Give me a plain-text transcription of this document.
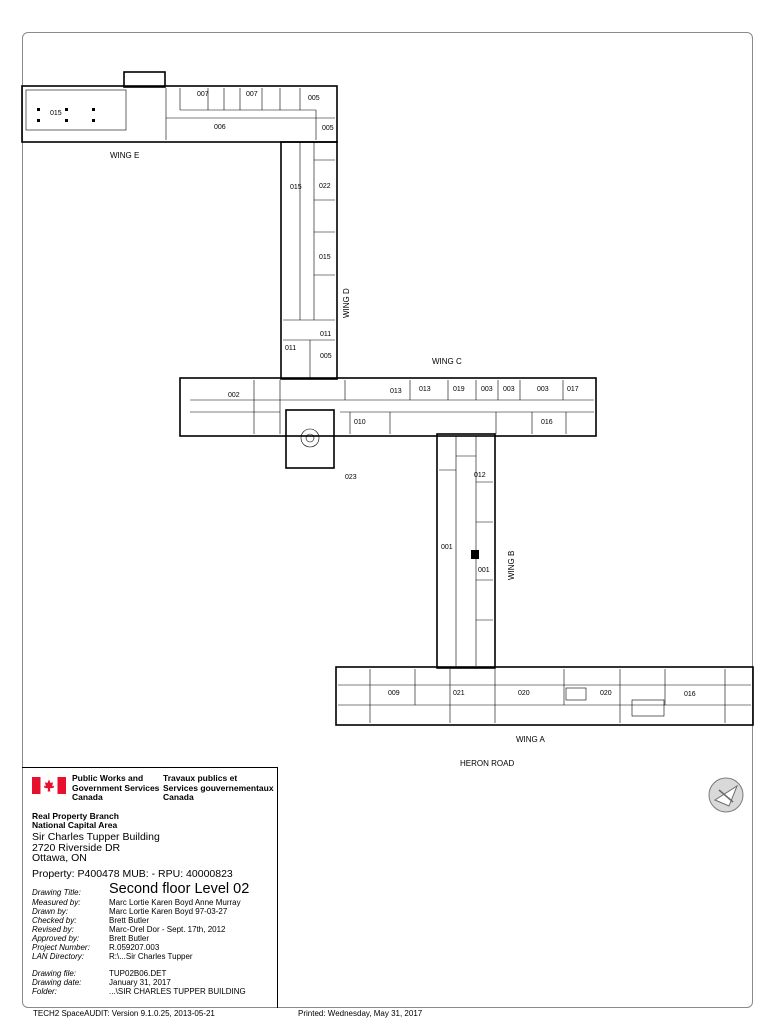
WING E
WING D
WING C
WING B
WING A
HERON ROAD
015
007	007
005
006	005
015 022
015
011
011
005
002
013 013	019 003 003	003	017
010	016
023	012
001
001
009	021	020	020	016
Public Works and
Government Services
Canada
Travaux publics et
Services gouvernementaux
Canada
Real Property Branch
National Capital Area
Sir Charles Tupper Building
2720 Riverside DR
Ottawa, ON
Property: P400478 MUB: - RPU: 40000823
Drawing Title: Second floor Level 02
Measured by:	Marc Lortie Karen Boyd Anne Murray
Drawn by:	Marc Lortie Karen Boyd 97-03-27
Checked by:	Brett Butler
Revised by:	Marc-Orel Dor - Sept. 17th, 2012
Approved by:	Brett Butler
Project Number: R.059207.003
LAN Directory:	R:\...Sir Charles Tupper
Drawing file:	TUP02B06.DET
Drawing date:	January 31, 2017
Folder:	...\SIR CHARLES TUPPER BUILDING
TECH2 SpaceAUDIT: Version 9.1.0.25, 2013-05-21	Printed: Wednesday, May 31, 2017
